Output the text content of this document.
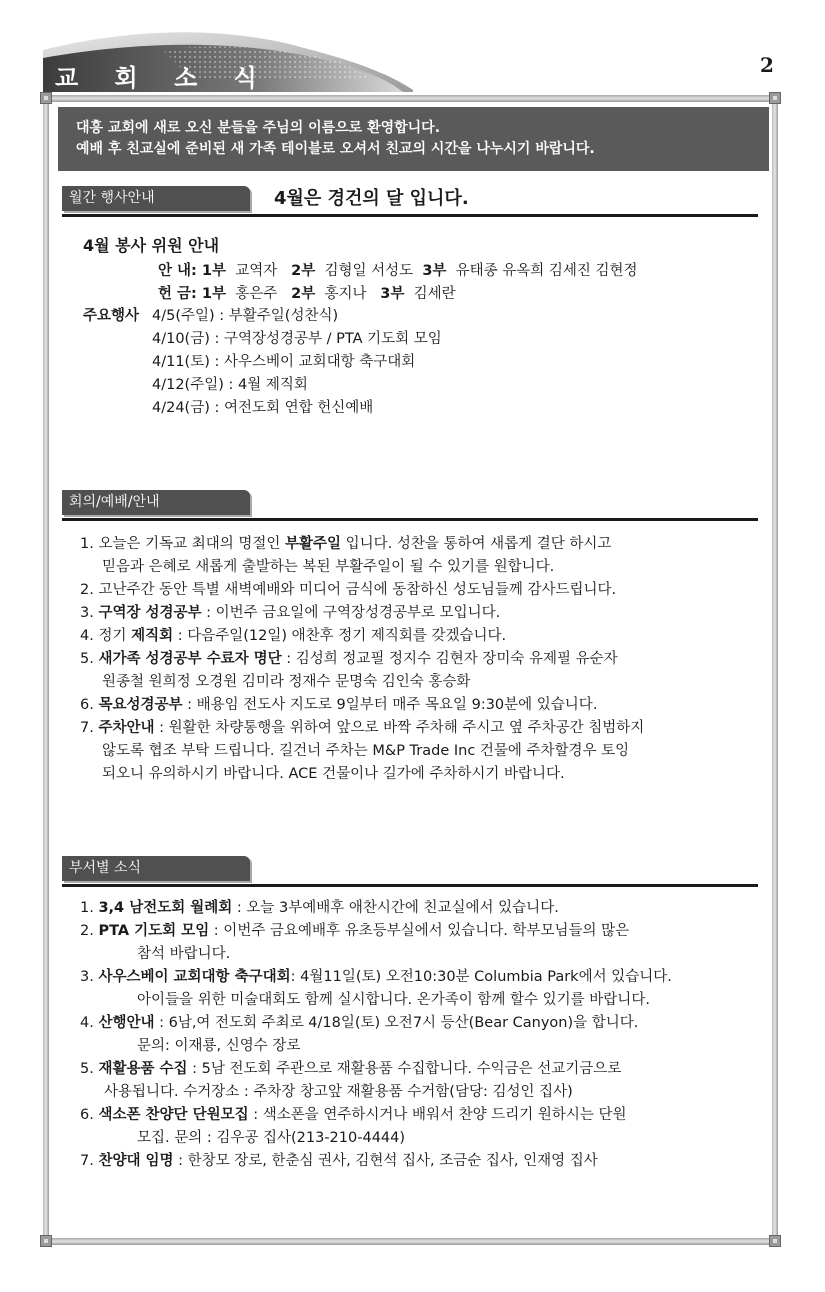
교 회 소 식	2
대흥 교회에 새로 오신 분들을 주님의 이름으로 환영합니다.
예배 후 친교실에 준비된 새 가족 테이블로 오셔서 친교의 시간을 나누시기 바랍니다.
월간 행사안내	4월은 경건의 달 입니다.
4월 봉사 위원 안내
안 내: 1부 교역자 2부 김형일 서성도 3부 유태종 유옥희 김세진 김현정
헌 금: 1부 홍은주 2부 홍지나 3부 김세란
주요행사 4/5(주일) : 부활주일(성찬식)
4/10(금) : 구역장성경공부 / PTA 기도회 모임
4/11(토) : 사우스베이 교회대항 축구대회
4/12(주일) : 4월 제직회
4/24(금) : 여전도회 연합 헌신예배
회의/예배/안내
1. 오늘은 기독교 최대의 명절인 부활주일 입니다. 성찬을 통하여 새롭게 결단 하시고
믿음과 은혜로 새롭게 출발하는 복된 부활주일이 될 수 있기를 원합니다.
2. 고난주간 동안 특별 새벽예배와 미디어 금식에 동참하신 성도님들께 감사드립니다.
3. 구역장 성경공부 : 이번주 금요일에 구역장성경공부로 모입니다.
4. 정기 제직회 : 다음주일(12일) 애찬후 정기 제직회를 갖겠습니다.
5. 새가족 성경공부 수료자 명단 : 김성희 정교필 정지수 김현자 장미숙 유제필 유순자
원종철 원희정 오경원 김미라 정재수 문명숙 김인숙 홍승화
6. 목요성경공부 : 배용임 전도사 지도로 9일부터 매주 목요일 9:30분에 있습니다.
7. 주차안내 : 원활한 차량통행을 위하여 앞으로 바짝 주차해 주시고 옆 주차공간 침범하지
않도록 협조 부탁 드립니다. 길건너 주차는 M&P Trade Inc 건물에 주차할경우 토잉
되오니 유의하시기 바랍니다. ACE 건물이나 길가에 주차하시기 바랍니다.
부서별 소식
1. 3,4 남전도회 월례회 : 오늘 3부예배후 애찬시간에 친교실에서 있습니다.
2. PTA 기도회 모임 : 이번주 금요예배후 유초등부실에서 있습니다. 학부모님들의 많은
참석 바랍니다.
3. 사우스베이 교회대항 축구대회: 4월11일(토) 오전10:30분 Columbia Park에서 있습니다.
아이들을 위한 미술대회도 함께 실시합니다. 온가족이 함께 할수 있기를 바랍니다.
4. 산행안내 : 6남,여 전도회 주최로 4/18일(토) 오전7시 등산(Bear Canyon)을 합니다.
문의: 이재룡, 신영수 장로
5. 재활용품 수집 : 5남 전도회 주관으로 재활용품 수집합니다. 수익금은 선교기금으로
사용됩니다. 수거장소 : 주차장 창고앞 재활용품 수거함(담당: 김성인 집사)
6. 색소폰 찬양단 단원모집 : 색소폰을 연주하시거나 배워서 찬양 드리기 원하시는 단원
모집. 문의 : 김우공 집사(213-210-4444)
7. 찬양대 임명 : 한창모 장로, 한춘심 권사, 김현석 집사, 조금순 집사, 인재영 집사
